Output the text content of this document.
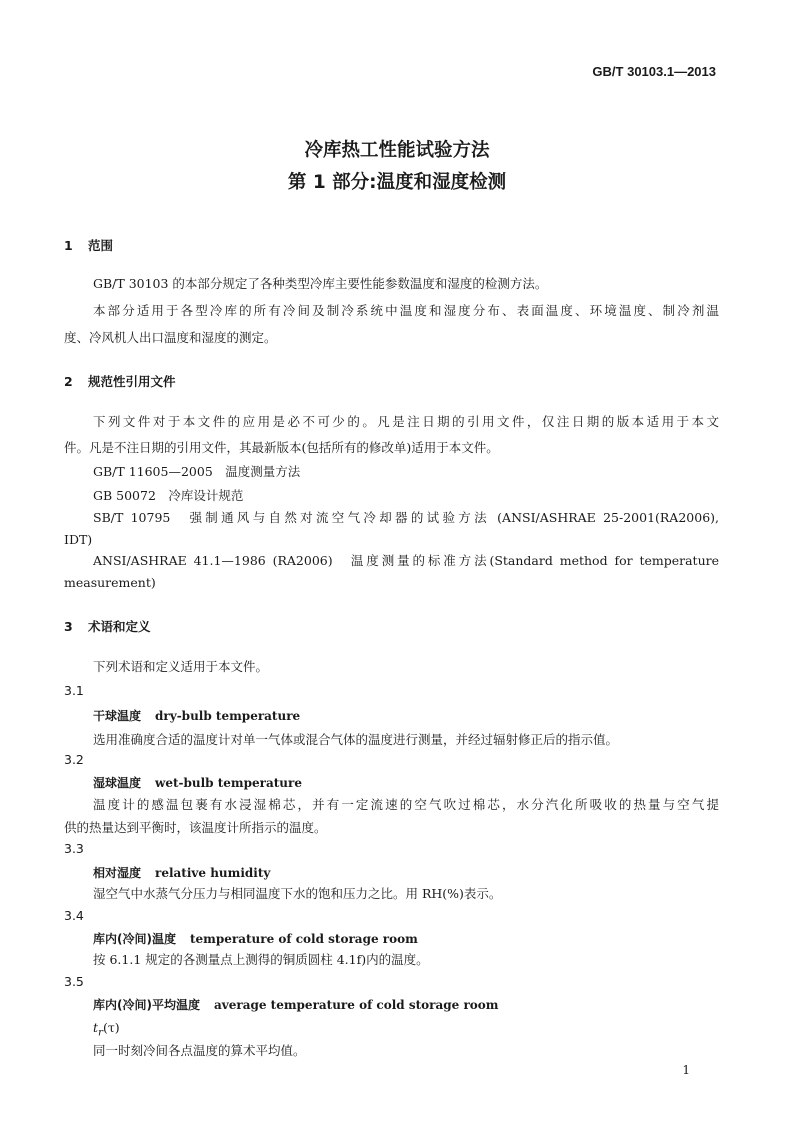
GB/T 30103.1—2013
冷库热工性能试验方法
第 1 部分:温度和湿度检测
1 范围
GB/T 30103 的本部分规定了各种类型冷库主要性能参数温度和湿度的检测方法。
本部分适用于各型冷库的所有冷间及制冷系统中温度和湿度分布、表面温度、环境温度、制冷剂温
度、冷风机人出口温度和湿度的测定。
2 规范性引用文件
下列文件对于本文件的应用是必不可少的。凡是注日期的引用文件，仅注日期的版本适用于本文
件。凡是不注日期的引用文件，其最新版本(包括所有的修改单)适用于本文件。
GB/T 11605—2005　温度测量方法
GB 50072　冷库设计规范
SB/T 10795　强制通风与自然对流空气冷却器的试验方法 (ANSI/ASHRAE 25-2001(RA2006),
IDT)
ANSI/ASHRAE 41.1—1986 (RA2006)　温度测量的标准方法(Standard method for temperature
measurement)
3 术语和定义
下列术语和定义适用于本文件。
3.1
干球温度 dry-bulb temperature
选用准确度合适的温度计对单一气体或混合气体的温度进行测量，并经过辐射修正后的指示值。
3.2
湿球温度 wet-bulb temperature
温度计的感温包裹有水浸湿棉芯，并有一定流速的空气吹过棉芯，水分汽化所吸收的热量与空气提
供的热量达到平衡时，该温度计所指示的温度。
3.3
相对湿度 relative humidity
湿空气中水蒸气分压力与相同温度下水的饱和压力之比。用 RH(%)表示。
3.4
库内(冷间)温度 temperature of cold storage room
按 6.1.1 规定的各测量点上测得的铜质圆柱 4.1f)内的温度。
3.5
库内(冷间)平均温度 average temperature of cold storage room
$t_r(\tau)$
同一时刻冷间各点温度的算术平均值。
1
